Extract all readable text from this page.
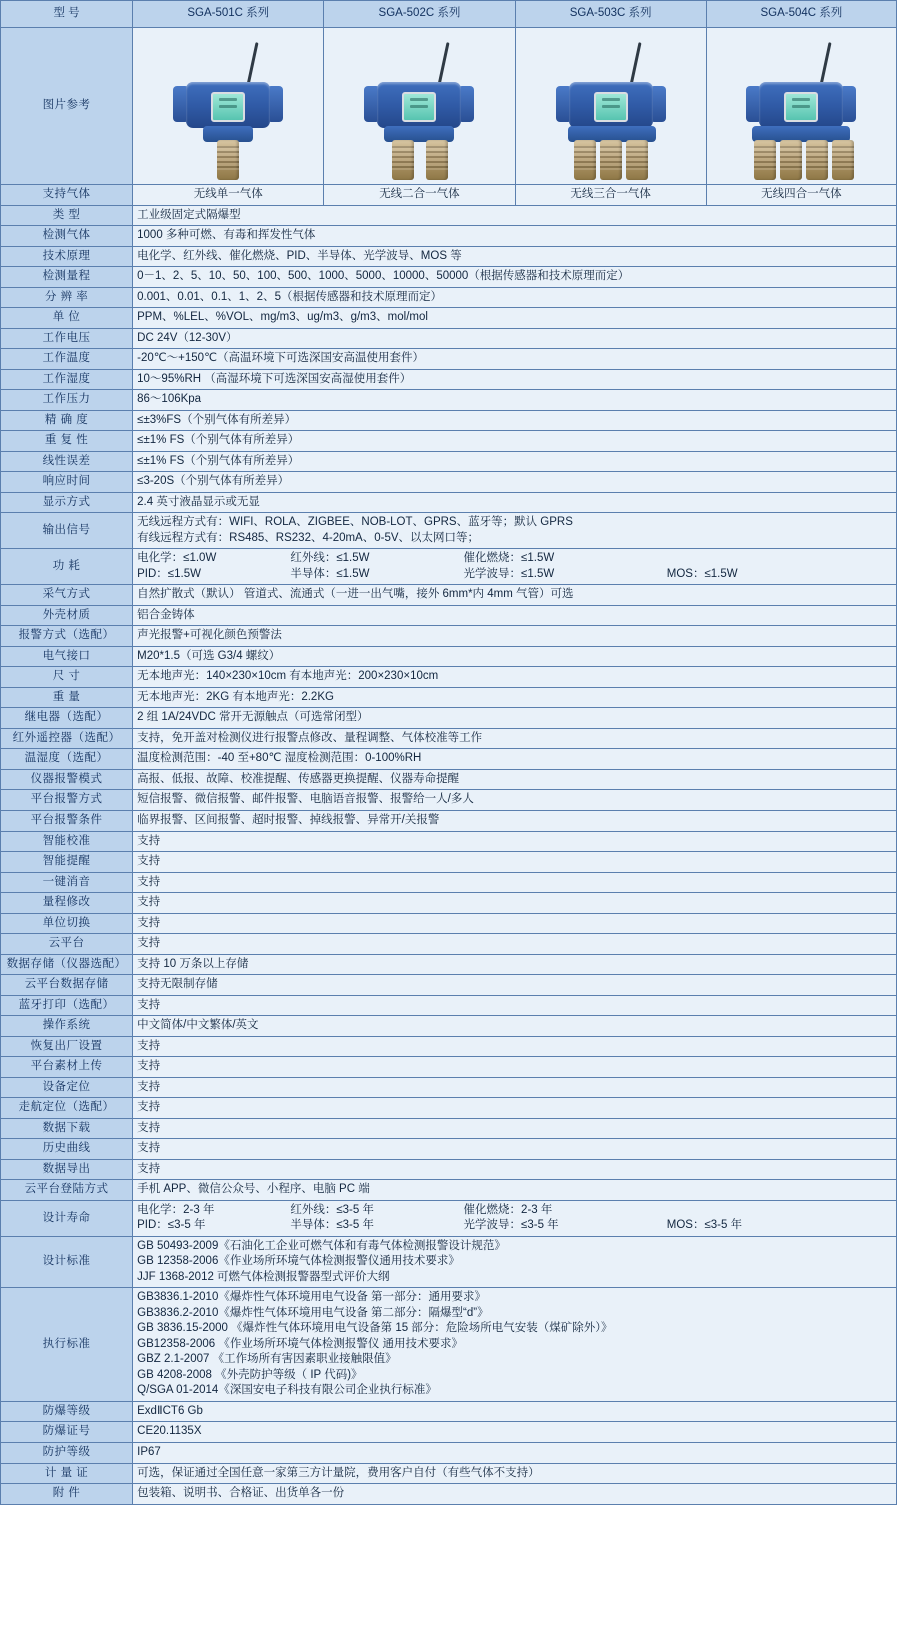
型 号	SGA-501C 系列	SGA-502C 系列	SGA-503C 系列	SGA-504C 系列
图片参考	

支持气体	无线单一气体	无线二合一气体	无线三合一气体	无线四合一气体
类 型	工业级固定式隔爆型			
检测气体	1000 多种可燃、有毒和挥发性气体			
技术原理	电化学、红外线、催化燃烧、PID、半导体、光学波导、MOS 等			
检测量程	0－1、2、5、10、50、100、500、1000、5000、10000、50000（根据传感器和技术原理而定）			
分 辨 率	0.001、0.01、0.1、1、2、5（根据传感器和技术原理而定）			
单 位	PPM、%LEL、%VOL、mg/m3、ug/m3、g/m3、mol/mol			
工作电压	DC 24V（12-30V）			
工作温度	-20℃～+150℃（高温环境下可选深国安高温使用套件）			
工作湿度	10～95%RH （高湿环境下可选深国安高湿使用套件）			
工作压力	86～106Kpa			
精 确 度	≤±3%FS（个别气体有所差异）			
重 复 性	≤±1% FS（个别气体有所差异）			
线性误差	≤±1% FS（个别气体有所差异）			
响应时间	≤3-20S（个别气体有所差异）			
显示方式	2.4 英寸液晶显示或无显			
输出信号	无线远程方式有：WIFI、ROLA、ZIGBEE、NOB-LOT、GPRS、蓝牙等；默认 GPRS
有线远程方式有：RS485、RS232、4-20mA、0-5V、以太网口等；			

功 耗	电化学：≤1.0W 红外线：≤1.5W 催化燃烧：≤1.5W
PID：≤1.5W 半导体：≤1.5W 光学波导：≤1.5W MOS：≤1.5W			

采气方式	自然扩散式（默认） 管道式、流通式（一进一出气嘴，接外 6mm*内 4mm 气管）可选			
外壳材质	铝合金铸体			
报警方式（选配）	声光报警+可视化颜色预警法			
电气接口	M20*1.5（可选 G3/4 螺纹）			
尺 寸	无本地声光：140×230×10cm 有本地声光：200×230×10cm			
重 量	无本地声光：2KG 有本地声光：2.2KG			
继电器（选配）	2 组 1A/24VDC 常开无源触点（可选常闭型）			
红外遥控器（选配）	支持，免开盖对检测仪进行报警点修改、量程调整、气体校准等工作			
温湿度（选配）	温度检测范围：-40 至+80℃ 湿度检测范围：0-100%RH			
仪器报警模式	高报、低报、故障、校准提醒、传感器更换提醒、仪器寿命提醒			
平台报警方式	短信报警、微信报警、邮件报警、电脑语音报警、报警给一人/多人			
平台报警条件	临界报警、区间报警、超时报警、掉线报警、异常开/关报警			
智能校准	支持			
智能提醒	支持			
一键消音	支持			
量程修改	支持			
单位切换	支持			
云平台	支持			
数据存储（仪器选配）	支持 10 万条以上存储			
云平台数据存储	支持无限制存储			
蓝牙打印（选配）	支持			
操作系统	中文简体/中文繁体/英文			
恢复出厂设置	支持			
平台素材上传	支持			
设备定位	支持			
走航定位（选配）	支持			
数据下载	支持			
历史曲线	支持			
数据导出	支持			
云平台登陆方式	手机 APP、微信公众号、小程序、电脑 PC 端			
设计寿命	电化学：2-3 年 红外线：≤3-5 年 催化燃烧：2-3 年
PID：≤3-5 年 半导体：≤3-5 年 光学波导：≤3-5 年 MOS：≤3-5 年			

设计标准	GB 50493-2009《石油化工企业可燃气体和有毒气体检测报警设计规范》
GB 12358-2006《作业场所环境气体检测报警仪通用技术要求》
JJF 1368-2012 可燃气体检测报警器型式评价大纲			

执行标准	
GB3836.1-2010《爆炸性气体环境用电气设备 第一部分：通用要求》
GB3836.2-2010《爆炸性气体环境用电气设备 第二部分：隔爆型“d”》
GB 3836.15-2000 《爆炸性气体环境用电气设备第 15 部分：危险场所电气安装（煤矿除外）》
GB12358-2006 《作业场所环境气体检测报警仪 通用技术要求》
GBZ 2.1-2007 《工作场所有害因素职业接触限值》
GB 4208-2008 《外壳防护等级（ IP 代码)》
Q/SGA 01-2014《深国安电子科技有限公司企业执行标准》

防爆等级	ExdⅡCT6 Gb			
防爆证号	CE20.1135X			
防护等级	IP67			
计 量 证	可选，保证通过全国任意一家第三方计量院，费用客户自付（有些气体不支持）			
附 件	包装箱、说明书、合格证、出货单各一份			
